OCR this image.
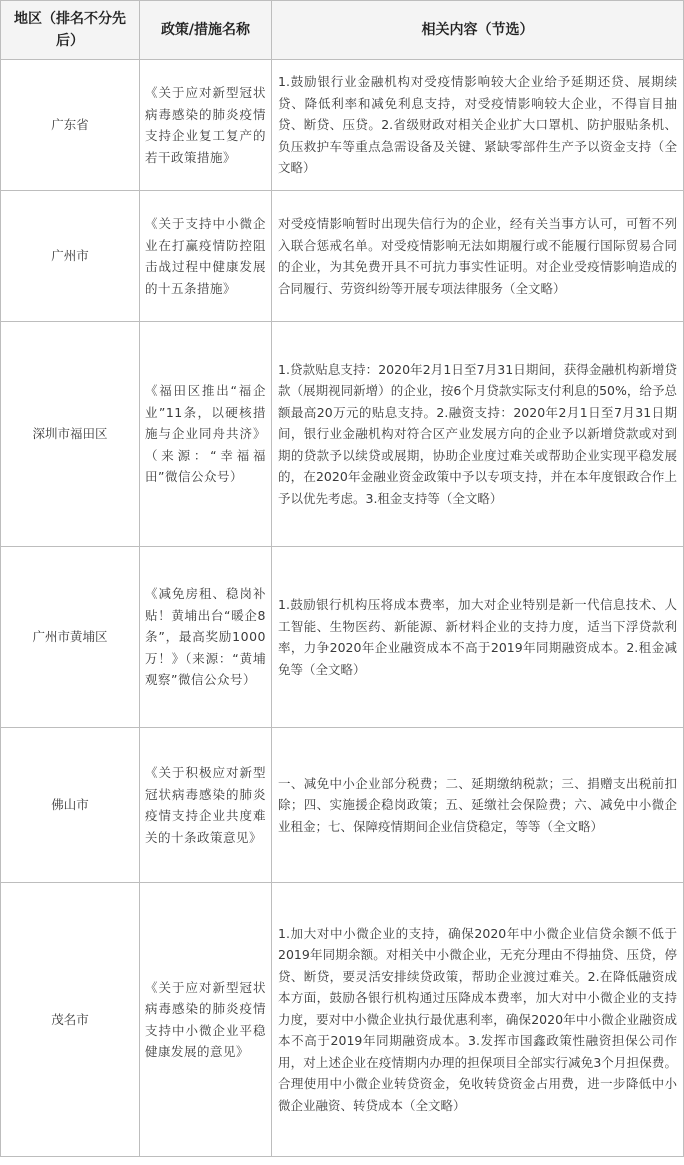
地区（排名不分先后）	政策/措施名称	相关内容（节选）
广东省	《关于应对新型冠状病毒感染的肺炎疫情支持企业复工复产的若干政策措施》	1.鼓励银行业金融机构对受疫情影响较大企业给予延期还贷、展期续贷、降低利率和减免利息支持，对受疫情影响较大企业，不得盲目抽贷、断贷、压贷。2.省级财政对相关企业扩大口罩机、防护服贴条机、负压救护车等重点急需设备及关键、紧缺零部件生产予以资金支持（全文略）
广州市	《关于支持中小微企业在打赢疫情防控阻击战过程中健康发展的十五条措施》	对受疫情影响暂时出现失信行为的企业，经有关当事方认可，可暂不列入联合惩戒名单。对受疫情影响无法如期履行或不能履行国际贸易合同的企业，为其免费开具不可抗力事实性证明。对企业受疫情影响造成的合同履行、劳资纠纷等开展专项法律服务（全文略）
深圳市福田区	《福田区推出“福企业”11条，以硬核措施与企业同舟共济》（来源：“幸福福田”微信公众号）	1.贷款贴息支持：2020年2月1日至7月31日期间，获得金融机构新增贷款（展期视同新增）的企业，按6个月贷款实际支付利息的50%，给予总额最高20万元的贴息支持。2.融资支持：2020年2月1日至7月31日期间，银行业金融机构对符合区产业发展方向的企业予以新增贷款或对到期的贷款予以续贷或展期，协助企业度过难关或帮助企业实现平稳发展的，在2020年金融业资金政策中予以专项支持，并在本年度银政合作上予以优先考虑。3.租金支持等（全文略）
广州市黄埔区	《减免房租、稳岗补贴！黄埔出台“暖企8条”，最高奖励1000万！》（来源：“黄埔观察”微信公众号）	1.鼓励银行机构压将成本费率，加大对企业特别是新一代信息技术、人工智能、生物医药、新能源、新材料企业的支持力度，适当下浮贷款利率，力争2020年企业融资成本不高于2019年同期融资成本。2.租金减免等（全文略）
佛山市	《关于积极应对新型冠状病毒感染的肺炎疫情支持企业共度难关的十条政策意见》	一、减免中小企业部分税费；二、延期缴纳税款；三、捐赠支出税前扣除；四、实施援企稳岗政策；五、延缴社会保险费；六、减免中小微企业租金；七、保障疫情期间企业信贷稳定，等等（全文略）
茂名市	《关于应对新型冠状病毒感染的肺炎疫情支持中小微企业平稳健康发展的意见》	1.加大对中小微企业的支持，确保2020年中小微企业信贷余额不低于2019年同期余额。对相关中小微企业，无充分理由不得抽贷、压贷，停贷、断贷，要灵活安排续贷政策，帮助企业渡过难关。2.在降低融资成本方面，鼓励各银行机构通过压降成本费率，加大对中小微企业的支持力度，要对中小微企业执行最优惠利率，确保2020年中小微企业融资成本不高于2019年同期融资成本。3.发挥市国鑫政策性融资担保公司作用，对上述企业在疫情期内办理的担保项目全部实行减免3个月担保费。合理使用中小微企业转贷资金，免收转贷资金占用费，进一步降低中小微企业融资、转贷成本（全文略）
